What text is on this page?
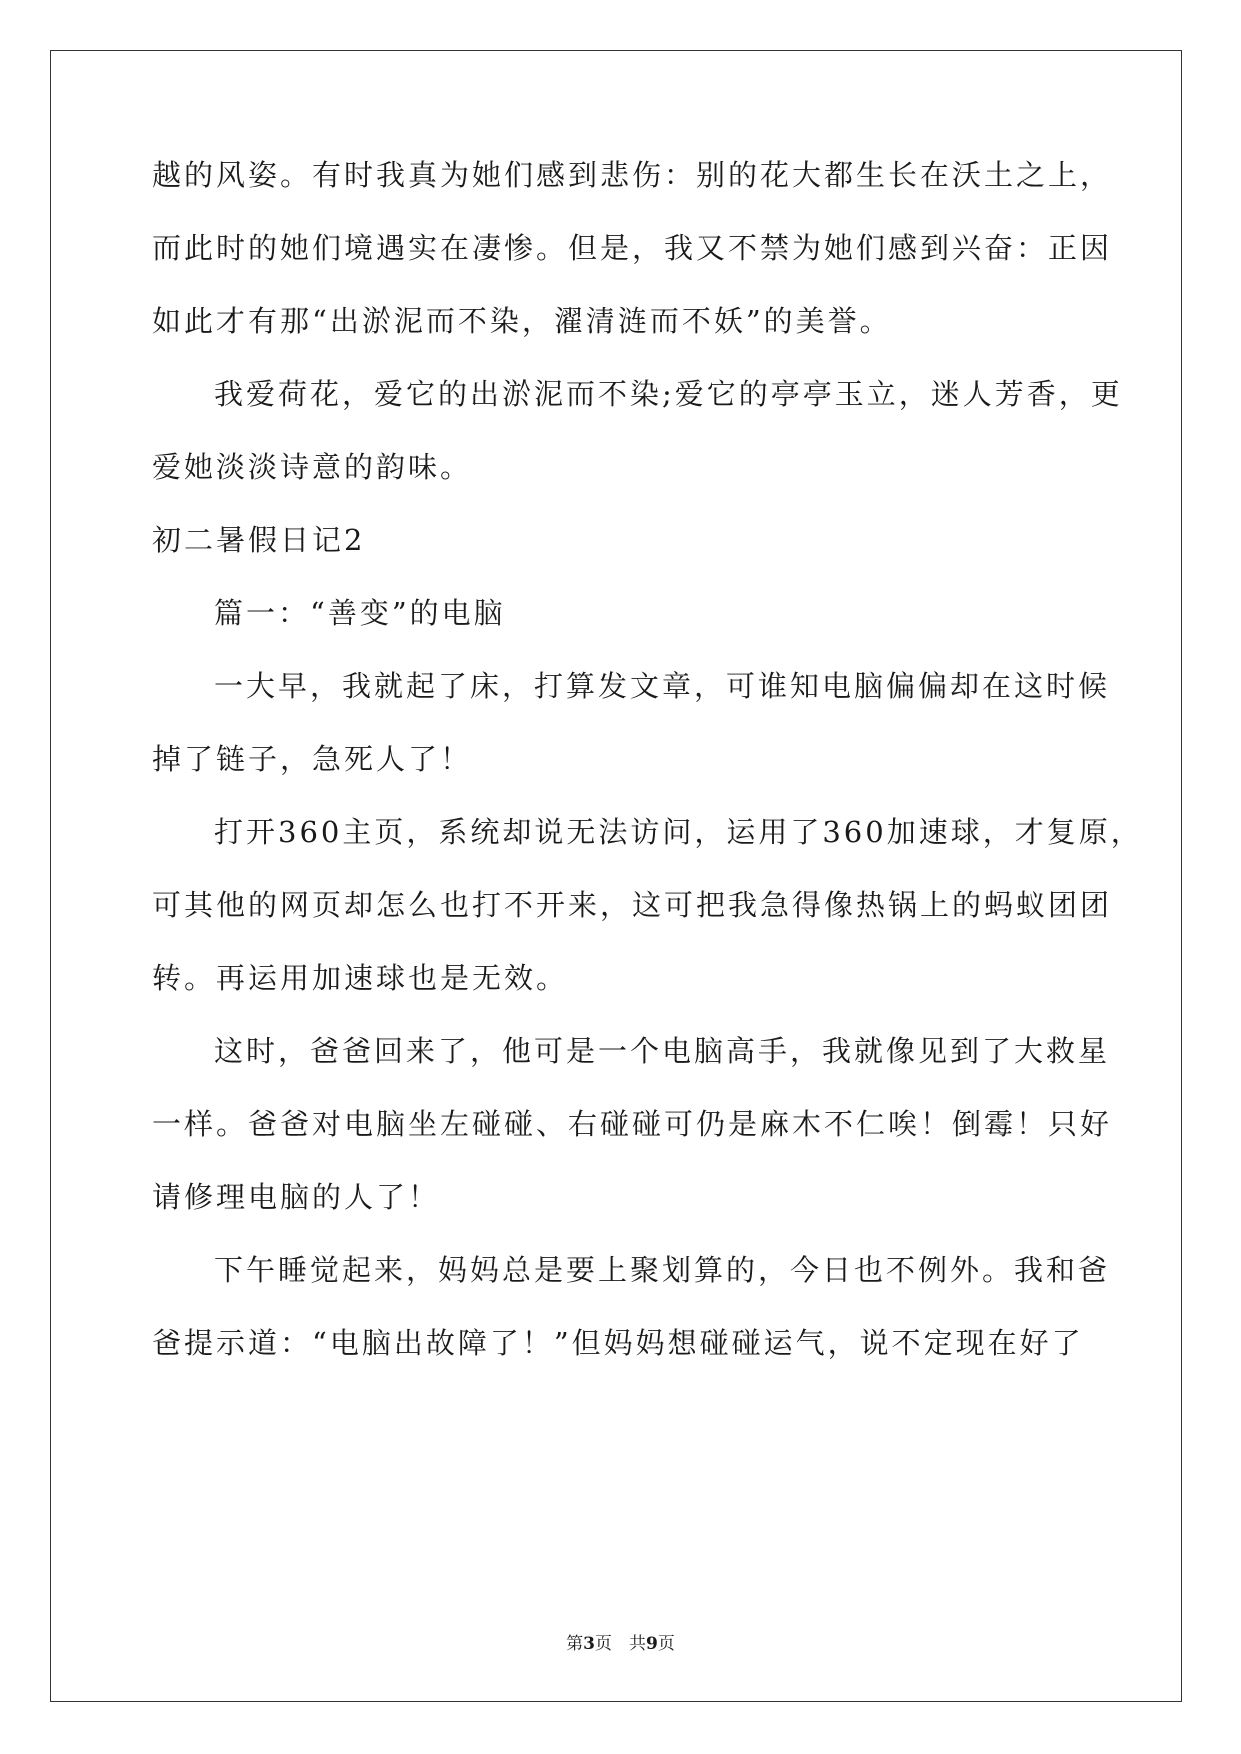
越的风姿。有时我真为她们感到悲伤：别的花大都生长在沃土之上，
而此时的她们境遇实在凄惨。但是，我又不禁为她们感到兴奋：正因
如此才有那“出淤泥而不染，濯清涟而不妖”的美誉。
我爱荷花，爱它的出淤泥而不染;爱它的亭亭玉立，迷人芳香，更
爱她淡淡诗意的韵味。
初二暑假日记2
篇一：“善变”的电脑
一大早，我就起了床，打算发文章，可谁知电脑偏偏却在这时候
掉了链子，急死人了！
打开360主页，系统却说无法访问，运用了360加速球，才复原，
可其他的网页却怎么也打不开来，这可把我急得像热锅上的蚂蚁团团
转。再运用加速球也是无效。
这时，爸爸回来了，他可是一个电脑高手，我就像见到了大救星
一样。爸爸对电脑坐左碰碰、右碰碰可仍是麻木不仁唉！倒霉！只好
请修理电脑的人了！
下午睡觉起来，妈妈总是要上聚划算的，今日也不例外。我和爸
爸提示道：“电脑出故障了！”但妈妈想碰碰运气，说不定现在好了
第3页　共9页
